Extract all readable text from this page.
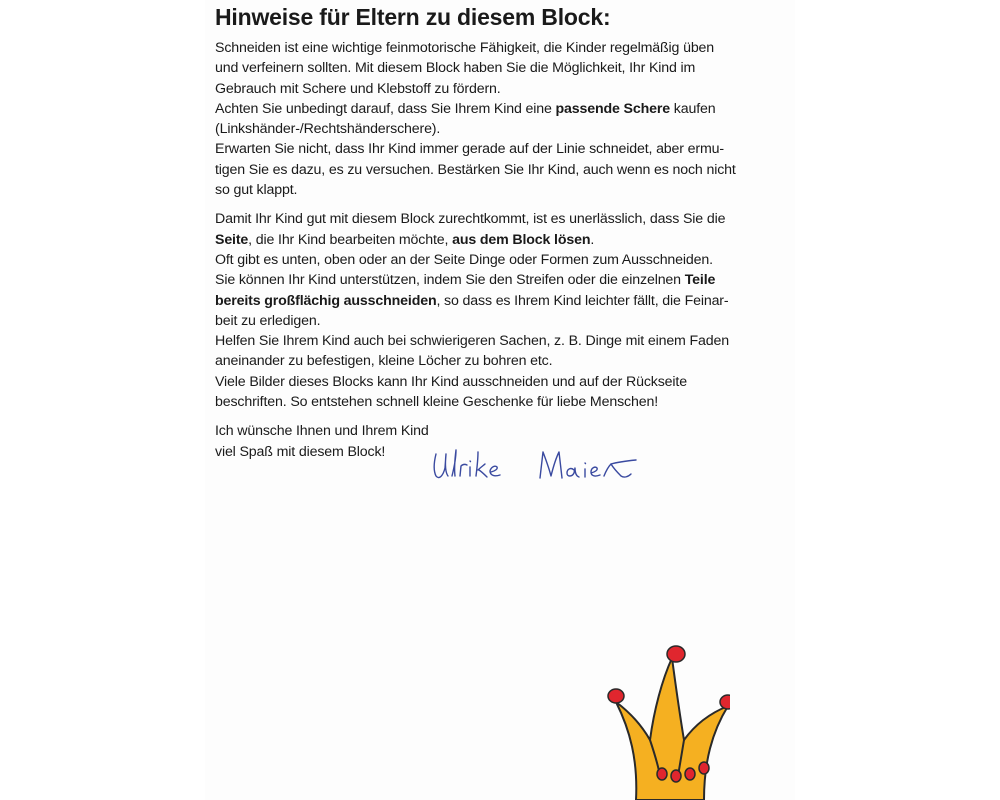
Hinweise für Eltern zu diesem Block:

Schneiden ist eine wichtige feinmotorische Fähigkeit, die Kinder regelmäßig üben
und verfeinern sollten. Mit diesem Block haben Sie die Möglichkeit, Ihr Kind im
Gebrauch mit Schere und Klebstoff zu fördern.
Achten Sie unbedingt darauf, dass Sie Ihrem Kind eine passende Schere kaufen
(Linkshänder-/Rechtshänderschere).
Erwarten Sie nicht, dass Ihr Kind immer gerade auf der Linie schneidet, aber ermu-
tigen Sie es dazu, es zu versuchen. Bestärken Sie Ihr Kind, auch wenn es noch nicht
so gut klappt.

Damit Ihr Kind gut mit diesem Block zurechtkommt, ist es unerlässlich, dass Sie die
Seite, die Ihr Kind bearbeiten möchte, aus dem Block lösen.
Oft gibt es unten, oben oder an der Seite Dinge oder Formen zum Ausschneiden.
Sie können Ihr Kind unterstützen, indem Sie den Streifen oder die einzelnen Teile
bereits großflächig ausschneiden, so dass es Ihrem Kind leichter fällt, die Feinar-
beit zu erledigen.
Helfen Sie Ihrem Kind auch bei schwierigeren Sachen, z. B. Dinge mit einem Faden
aneinander zu befestigen, kleine Löcher zu bohren etc.
Viele Bilder dieses Blocks kann Ihr Kind ausschneiden und auf der Rückseite
beschriften. So entstehen schnell kleine Geschenke für liebe Menschen!

Ich wünsche Ihnen und Ihrem Kind
viel Spaß mit diesem Block!
